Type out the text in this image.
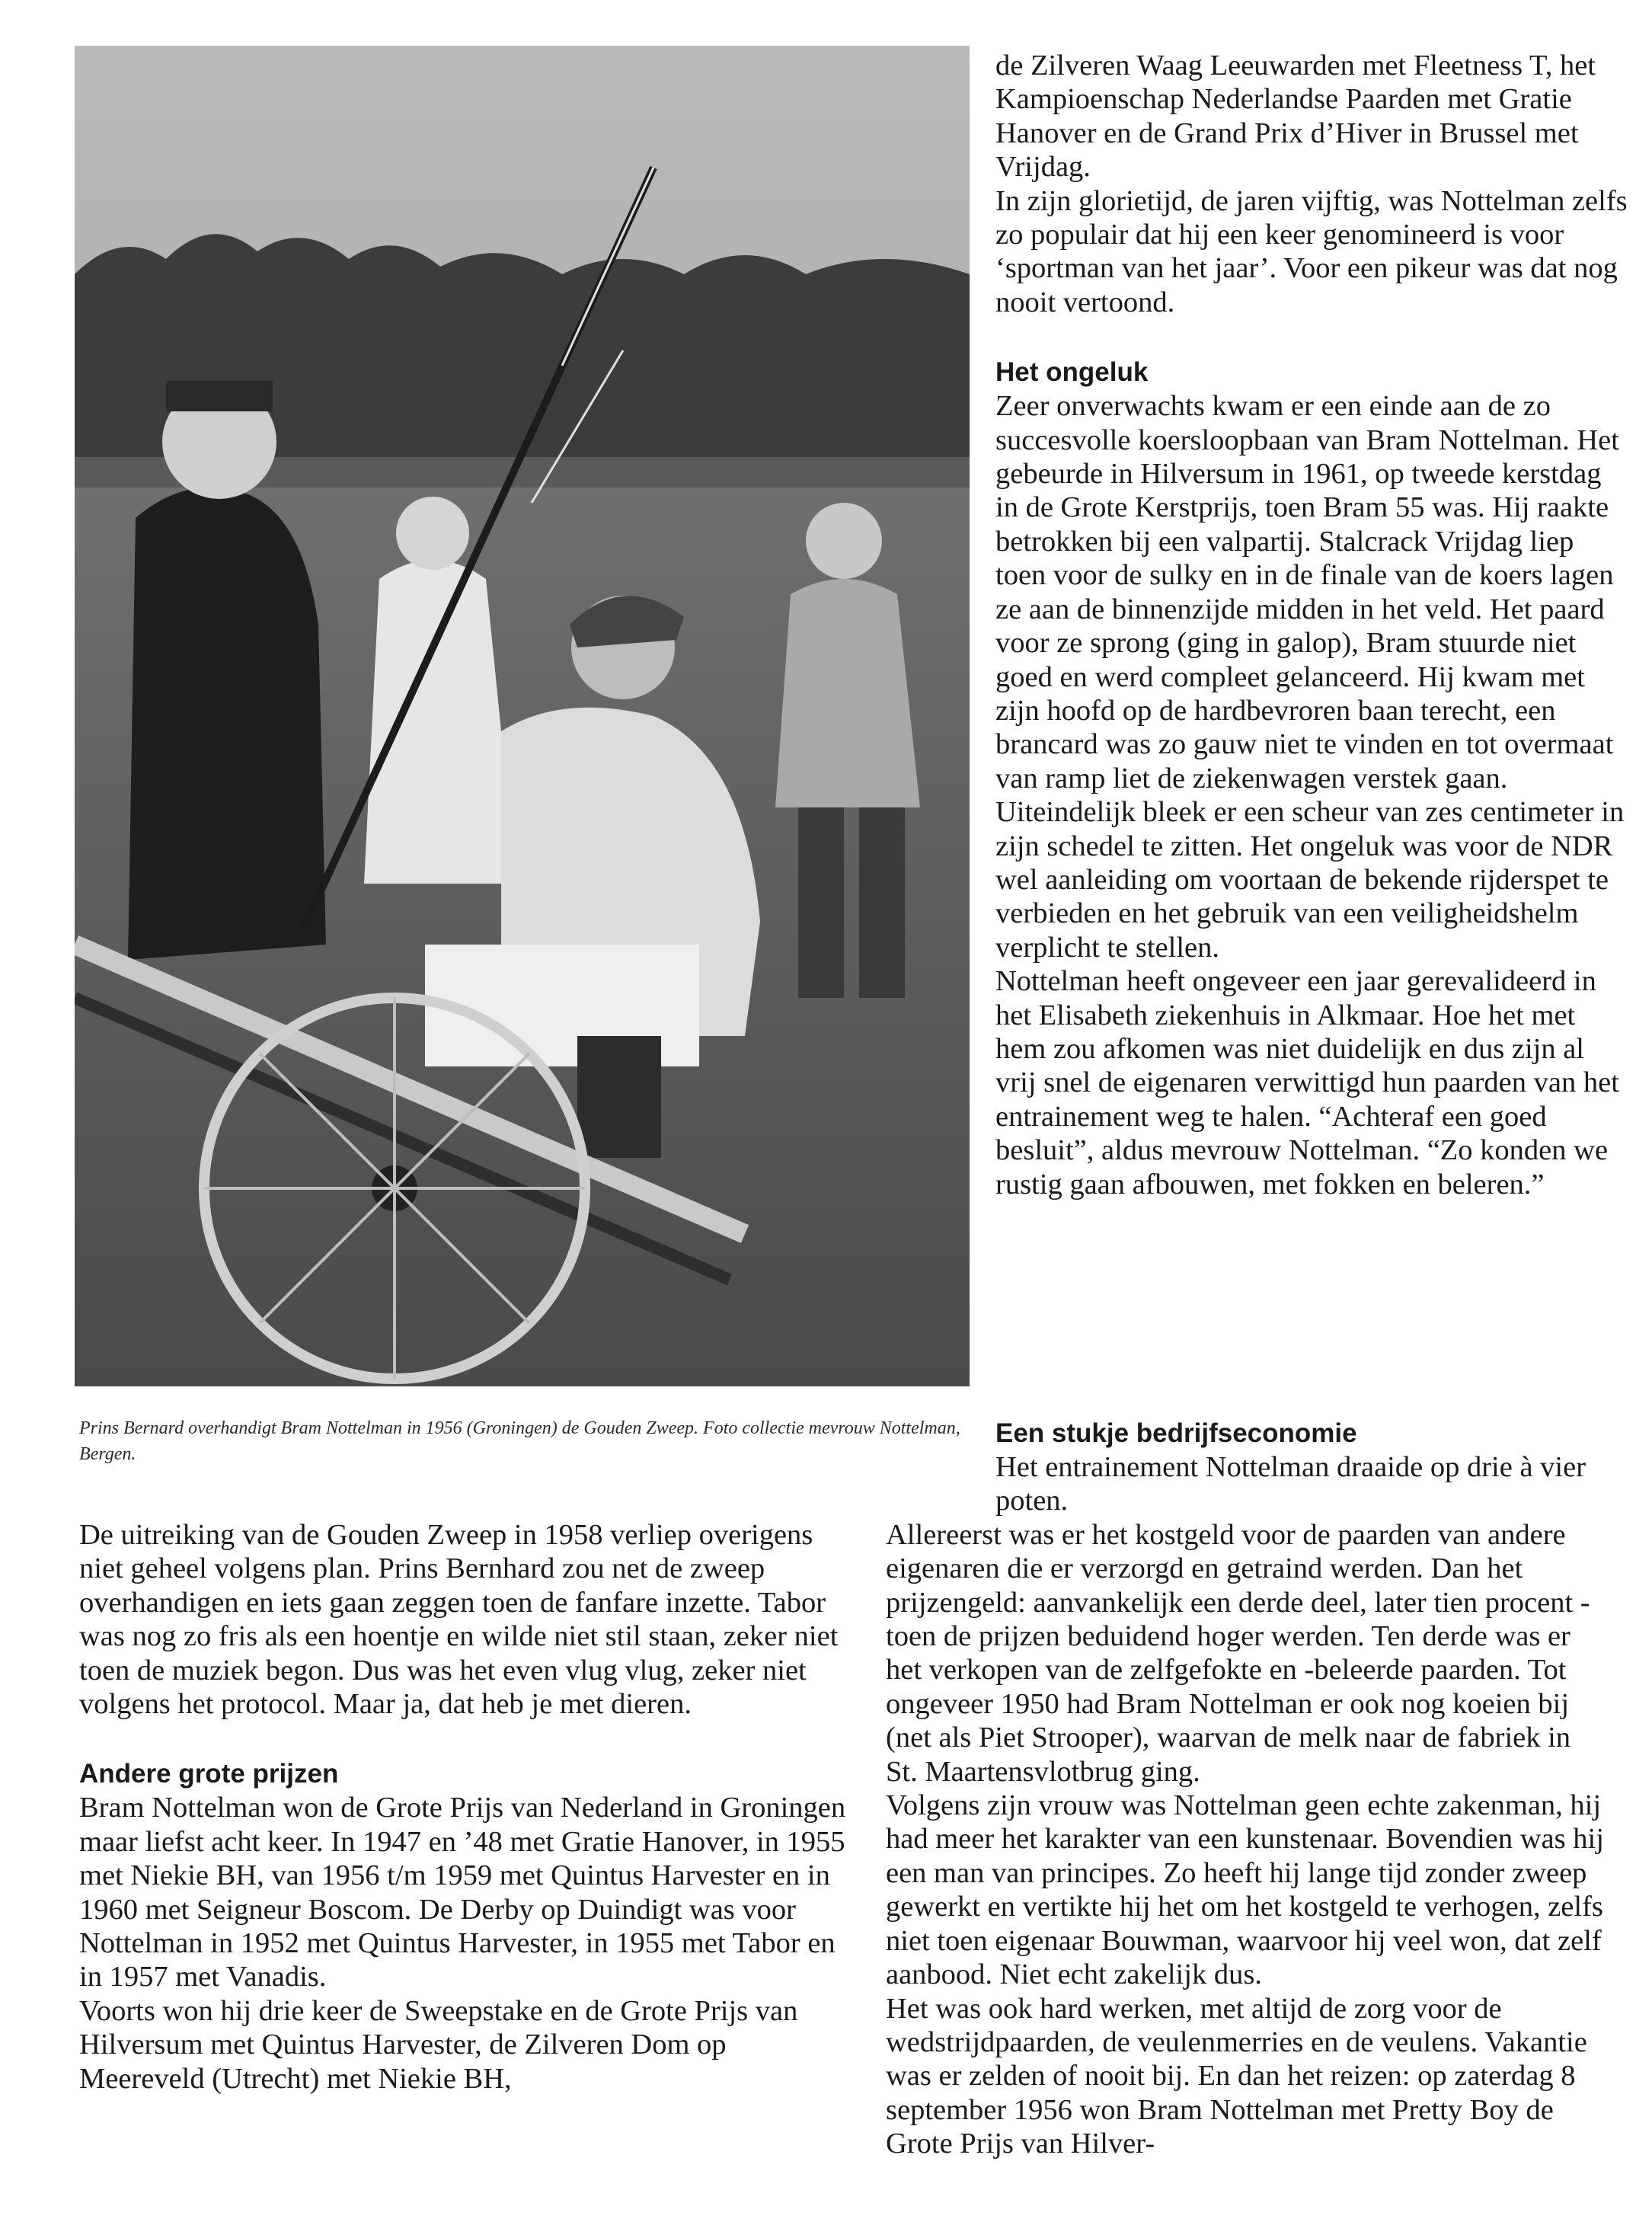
Prins Bernard overhandigt Bram Nottelman in 1956 (Groningen) de Gouden Zweep. Foto collectie mevrouw Nottelman, Bergen.

de Zilveren Waag Leeuwarden met Fleetness T, het Kampioenschap Nederlandse Paarden met Gratie Hanover en de Grand Prix d’Hiver in Brussel met Vrijdag.

In zijn glorietijd, de jaren vijftig, was Nottelman zelfs zo populair dat hij een keer genomineerd is voor ‘sportman van het jaar’. Voor een pikeur was dat nog nooit vertoond.

Het ongeluk

Zeer onverwachts kwam er een einde aan de zo succesvolle koersloopbaan van Bram Nottelman. Het gebeurde in Hilversum in 1961, op tweede kerstdag in de Grote Kerstprijs, toen Bram 55 was. Hij raakte betrokken bij een valpartij. Stalcrack Vrijdag liep toen voor de sulky en in de finale van de koers lagen ze aan de binnenzijde midden in het veld. Het paard voor ze sprong (ging in galop), Bram stuurde niet goed en werd compleet gelanceerd. Hij kwam met zijn hoofd op de hardbevroren baan terecht, een brancard was zo gauw niet te vinden en tot overmaat van ramp liet de ziekenwagen verstek gaan.

Uiteindelijk bleek er een scheur van zes centimeter in zijn schedel te zitten. Het ongeluk was voor de NDR wel aanleiding om voortaan de bekende rijderspet te verbieden en het gebruik van een veiligheidshelm verplicht te stellen.

Nottelman heeft ongeveer een jaar gerevalideerd in het Elisabeth ziekenhuis in Alkmaar. Hoe het met hem zou afkomen was niet duidelijk en dus zijn al vrij snel de eigenaren verwittigd hun paarden van het entrainement weg te halen. “Achteraf een goed besluit”, aldus mevrouw Nottelman. “Zo konden we rustig gaan afbouwen, met fokken en beleren.”

Een stukje bedrijfseconomie

Het entrainement Nottelman draaide op drie à vier poten.

Allereerst was er het kostgeld voor de paarden van andere eigenaren die er verzorgd en getraind werden. Dan het prijzengeld: aanvankelijk een derde deel, later tien procent -toen de prijzen beduidend hoger werden. Ten derde was er het verkopen van de zelfgefokte en -beleerde paarden. Tot ongeveer 1950 had Bram Nottelman er ook nog koeien bij (net als Piet Strooper), waarvan de melk naar de fabriek in St. Maartensvlotbrug ging.

Volgens zijn vrouw was Nottelman geen echte zakenman, hij had meer het karakter van een kunstenaar. Bovendien was hij een man van principes. Zo heeft hij lange tijd zonder zweep gewerkt en vertikte hij het om het kostgeld te verhogen, zelfs niet toen eigenaar Bouwman, waarvoor hij veel won, dat zelf aanbood. Niet echt zakelijk dus.

Het was ook hard werken, met altijd de zorg voor de wedstrijdpaarden, de veulenmerries en de veulens. Vakantie was er zelden of nooit bij. En dan het reizen: op zaterdag 8 september 1956 won Bram Nottelman met Pretty Boy de Grote Prijs van Hilver-

De uitreiking van de Gouden Zweep in 1958 verliep overigens niet geheel volgens plan. Prins Bernhard zou net de zweep overhandigen en iets gaan zeggen toen de fanfare inzette. Tabor was nog zo fris als een hoentje en wilde niet stil staan, zeker niet toen de muziek begon. Dus was het even vlug vlug, zeker niet volgens het protocol. Maar ja, dat heb je met dieren.

Andere grote prijzen

Bram Nottelman won de Grote Prijs van Nederland in Groningen maar liefst acht keer. In 1947 en ’48 met Gratie Hanover, in 1955 met Niekie BH, van 1956 t/m 1959 met Quintus Harvester en in 1960 met Seigneur Boscom. De Derby op Duindigt was voor Nottelman in 1952 met Quintus Harvester, in 1955 met Tabor en in 1957 met Vanadis.

Voorts won hij drie keer de Sweepstake en de Grote Prijs van Hilversum met Quintus Harvester, de Zilveren Dom op Meereveld (Utrecht) met Niekie BH,
